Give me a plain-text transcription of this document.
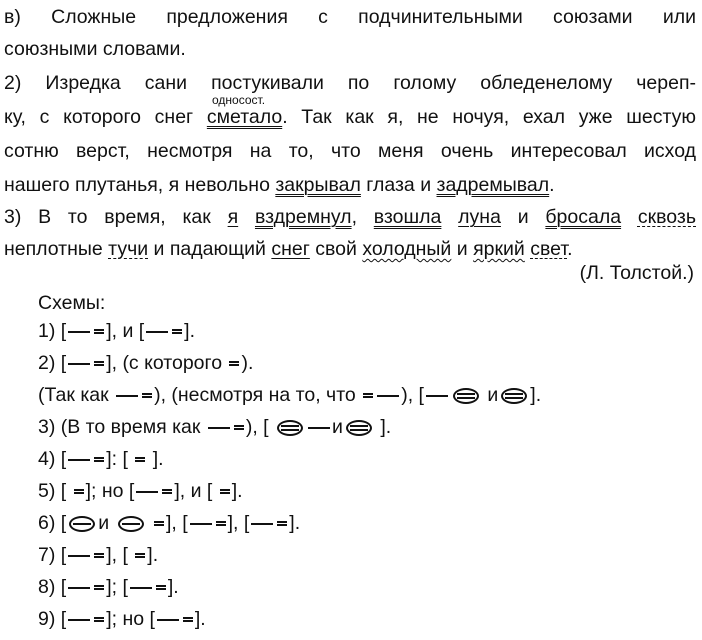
в) Сложные предложения с подчинительными союзами или
союзными словами.
2) Изредка сани постукивали по голому обледенелому череп-
односост.
ку, с которого снег сметало. Так как я, не ночуя, ехал уже шестую
сотню верст, несмотря на то, что меня очень интересовал исход
нашего плутанья, я невольно закрывал глаза и задремывал.
3) В то время, как я вздремнул, взошла луна и бросала сквозь
неплотные тучи и падающий снег свой холодный и яркий свет.
(Л. Толстой.)
Схемы:
1) [ ], и [ ].
2) [ ], (с которого ).
(Так как ), (несмотря на то, что ), [	и ].
3) (В то время как ), [	и ].
4) [ ]: [ ].
5) [ ]; но [ ], и [ ].
6) [ и	], [ ], [ ].
7) [ ], [ ].
8) [ ]; [ ].
9) [ ]; но [ ].
